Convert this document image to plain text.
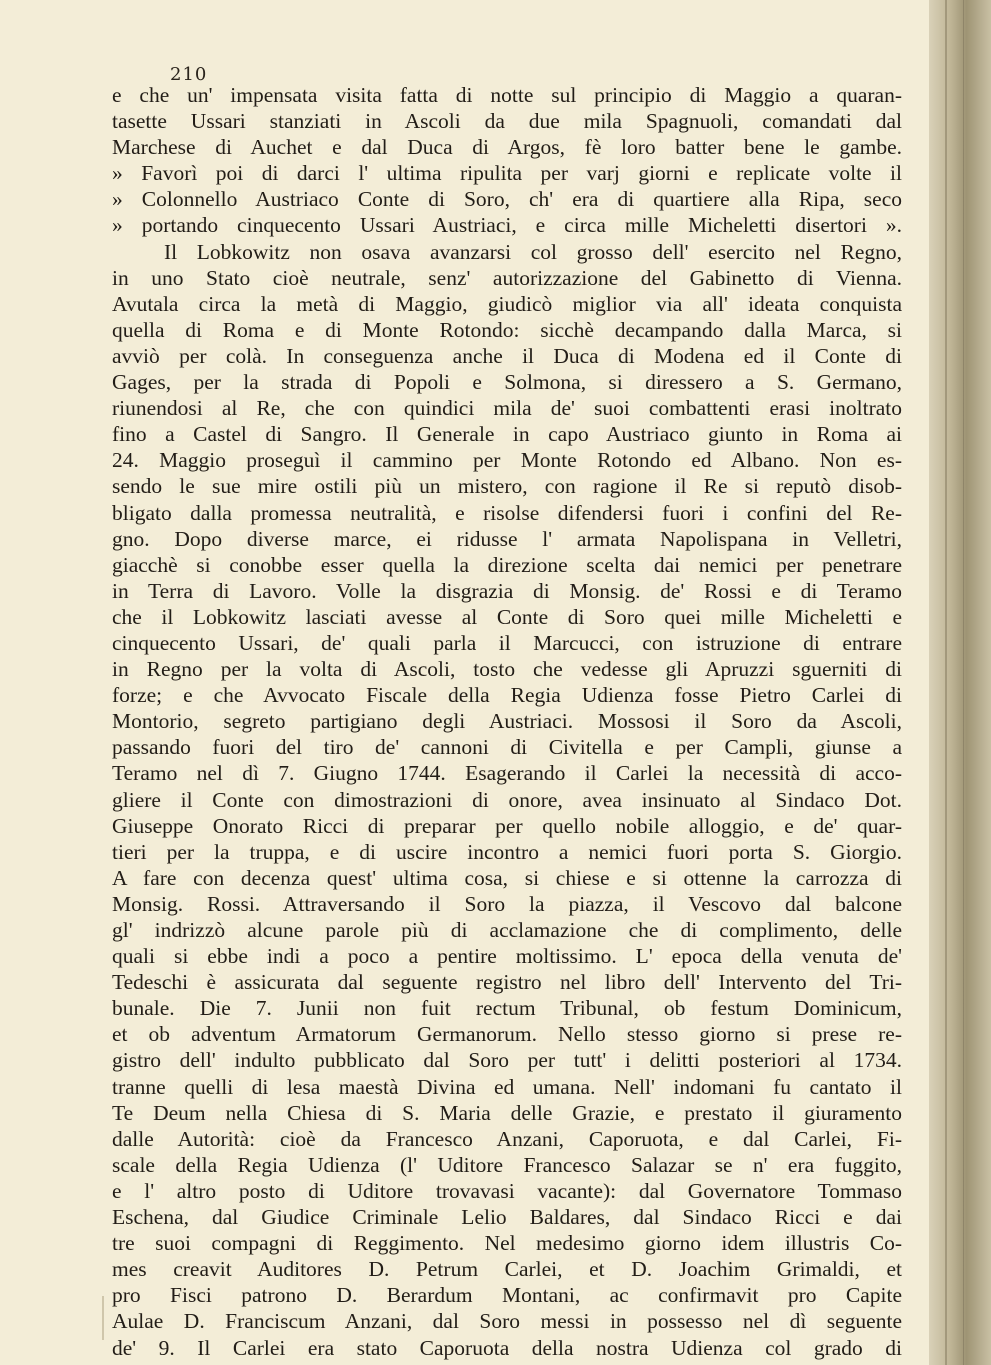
210
e che un' impensata visita fatta di notte sul principio di Maggio a quaran-
tasette Ussari stanziati in Ascoli da due mila Spagnuoli, comandati dal
Marchese di Auchet e dal Duca di Argos, fè loro batter bene le gambe.
» Favorì poi di darci l' ultima ripulita per varj giorni e replicate volte il
» Colonnello Austriaco Conte di Soro, ch' era di quartiere alla Ripa, seco
» portando cinquecento Ussari Austriaci, e circa mille Micheletti disertori ».
Il Lobkowitz non osava avanzarsi col grosso dell' esercito nel Regno,
in uno Stato cioè neutrale, senz' autorizzazione del Gabinetto di Vienna.
Avutala circa la metà di Maggio, giudicò miglior via all' ideata conquista
quella di Roma e di Monte Rotondo: sicchè decampando dalla Marca, si
avviò per colà. In conseguenza anche il Duca di Modena ed il Conte di
Gages, per la strada di Popoli e Solmona, si diressero a S. Germano,
riunendosi al Re, che con quindici mila de' suoi combattenti erasi inoltrato
fino a Castel di Sangro. Il Generale in capo Austriaco giunto in Roma ai
24. Maggio proseguì il cammino per Monte Rotondo ed Albano. Non es-
sendo le sue mire ostili più un mistero, con ragione il Re si reputò disob-
bligato dalla promessa neutralità, e risolse difendersi fuori i confini del Re-
gno. Dopo diverse marce, ei ridusse l' armata Napolispana in Velletri,
giacchè si conobbe esser quella la direzione scelta dai nemici per penetrare
in Terra di Lavoro. Volle la disgrazia di Monsig. de' Rossi e di Teramo
che il Lobkowitz lasciati avesse al Conte di Soro quei mille Micheletti e
cinquecento Ussari, de' quali parla il Marcucci, con istruzione di entrare
in Regno per la volta di Ascoli, tosto che vedesse gli Apruzzi sguerniti di
forze; e che Avvocato Fiscale della Regia Udienza fosse Pietro Carlei di
Montorio, segreto partigiano degli Austriaci. Mossosi il Soro da Ascoli,
passando fuori del tiro de' cannoni di Civitella e per Campli, giunse a
Teramo nel dì 7. Giugno 1744. Esagerando il Carlei la necessità di acco-
gliere il Conte con dimostrazioni di onore, avea insinuato al Sindaco Dot.
Giuseppe Onorato Ricci di preparar per quello nobile alloggio, e de' quar-
tieri per la truppa, e di uscire incontro a nemici fuori porta S. Giorgio.
A fare con decenza quest' ultima cosa, si chiese e si ottenne la carrozza di
Monsig. Rossi. Attraversando il Soro la piazza, il Vescovo dal balcone
gl' indrizzò alcune parole più di acclamazione che di complimento, delle
quali si ebbe indi a poco a pentire moltissimo. L' epoca della venuta de'
Tedeschi è assicurata dal seguente registro nel libro dell' Intervento del Tri-
bunale. Die 7. Junii non fuit rectum Tribunal, ob festum Dominicum,
et ob adventum Armatorum Germanorum. Nello stesso giorno si prese re-
gistro dell' indulto pubblicato dal Soro per tutt' i delitti posteriori al 1734.
tranne quelli di lesa maestà Divina ed umana. Nell' indomani fu cantato il
Te Deum nella Chiesa di S. Maria delle Grazie, e prestato il giuramento
dalle Autorità: cioè da Francesco Anzani, Caporuota, e dal Carlei, Fi-
scale della Regia Udienza (l' Uditore Francesco Salazar se n' era fuggito,
e l' altro posto di Uditore trovavasi vacante): dal Governatore Tommaso
Eschena, dal Giudice Criminale Lelio Baldares, dal Sindaco Ricci e dai
tre suoi compagni di Reggimento. Nel medesimo giorno idem illustris Co-
mes creavit Auditores D. Petrum Carlei, et D. Joachim Grimaldi, et
pro Fisci patrono D. Berardum Montani, ac confirmavit pro Capite
Aulae D. Franciscum Anzani, dal Soro messi in possesso nel dì seguente
de' 9. Il Carlei era stato Caporuota della nostra Udienza col grado di
